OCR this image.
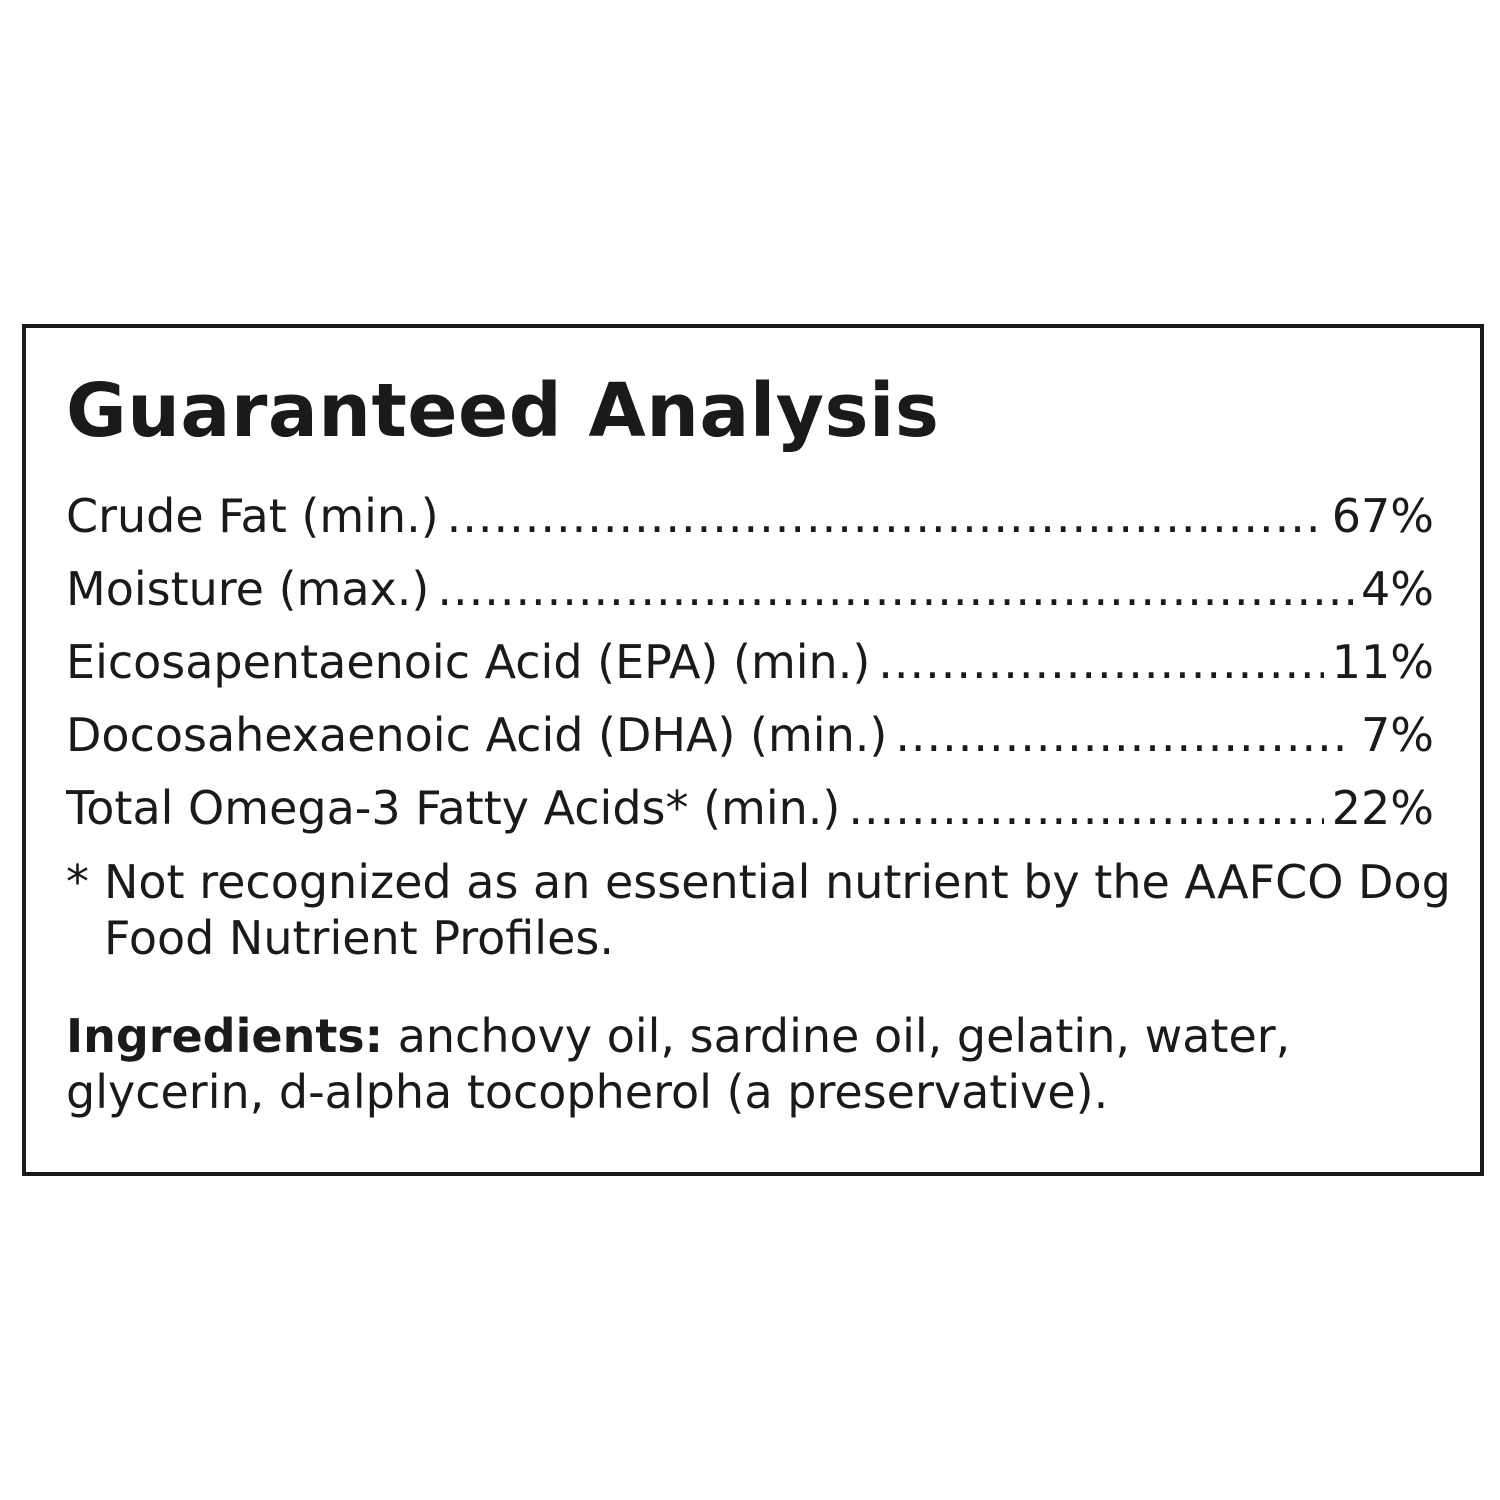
Guaranteed Analysis
Crude Fat (min.) .....	67%
Moisture (max.) .....	4%
Eicosapentaenoic Acid (EPA) (min.) .....	11%
Docosahexaenoic Acid (DHA) (min.) .....	7%
Total Omega-3 Fatty Acids* (min.) .....	22%
* Not recognized as an essential nutrient by the AAFCO Dog Food Nutrient Profiles.
Ingredients: anchovy oil, sardine oil, gelatin, water, glycerin, d-alpha tocopherol (a preservative).
